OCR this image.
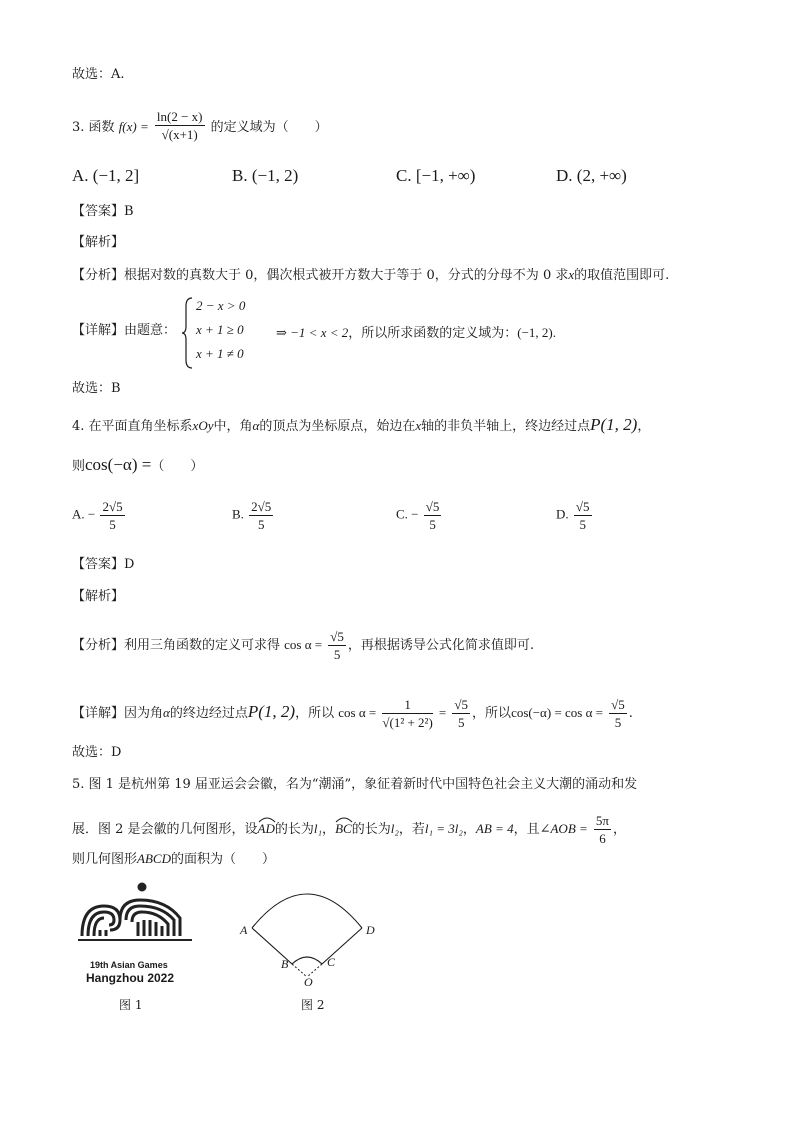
故选：A.
3. 函数 $f(x) = \frac{\ln(2 - x)}{√(x+1)}$ 的定义域为（　　）
A. (−1, 2]	B. (−1, 2)	C. [−1, +∞)	D. (2, +∞)
【答案】B
【解析】
【分析】根据对数的真数大于 0，偶次根式被开方数大于等于 0，分式的分母不为 0 求x的取值范围即可.
【详解】由题意：
2 − x > 0
x + 1 ≥ 0
x + 1 ≠ 0
⇒ −1 < x < 2，所以所求函数的定义域为：(−1, 2).
故选：B
4. 在平面直角坐标系xOy中，角α的顶点为坐标原点，始边在x轴的非负半轴上，终边经过点P(1, 2)，
则cos(−α) =（　　）
A. − $\frac{2√5}{5}$	B. $\frac{2√5}{5}$	C. − $\frac{√5}{5}$	D. $\frac{√5}{5}$
【答案】D
【解析】
【分析】利用三角函数的定义可求得 $\cos \alpha = \frac{√5}{5}$ ，再根据诱导公式化简求值即可.
【详解】因为角α的终边经过点P(1, 2)，所以 $\cos \alpha = \frac{1}{\text{√(1² + 2²)}} = \frac{√5}{5}$ ，所以$\cos(-\alpha) = \cos \alpha = \frac{√5}{5}$ .
故选：D
5. 图 1 是杭州第 19 届亚运会会徽，名为“潮涌”，象征着新时代中国特色社会主义大潮的涌动和发
展．图 2 是会徽的几何图形，设AD
的长为l₁，BC
的长为l₂，若l₁ = 3l₂，AB = 4，且∠AOB = $\frac{5\pi}{6}$ ，
则几何图形ABCD的面积为（　　）
19th Asian Games
Hangzhou 2022
图 1
A	D
B	C
O
图 2
